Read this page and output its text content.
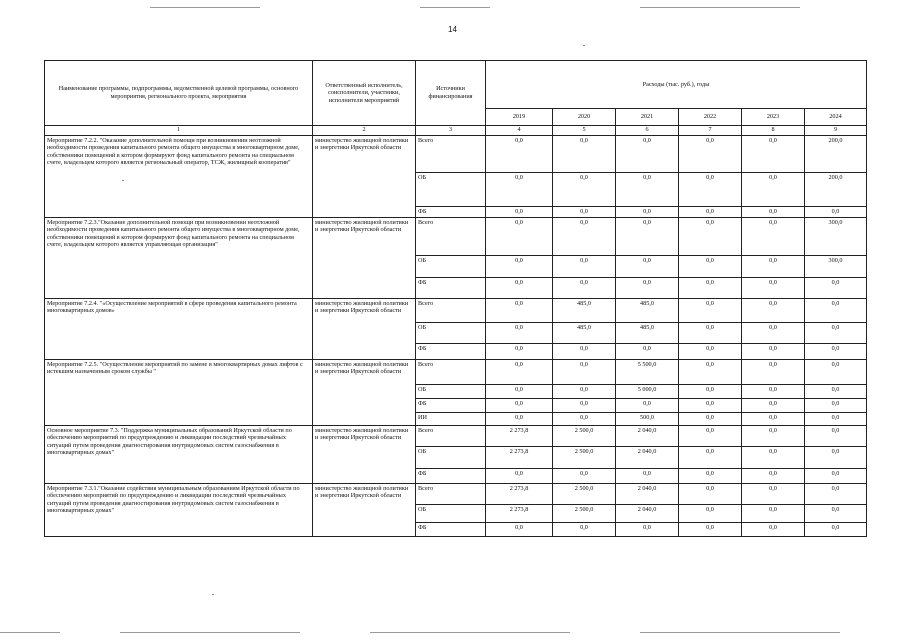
14
Наименование программы, подпрограммы, ведомственной целевой программы, основного мероприятия, регионального проекта, мероприятия	Ответственный исполнитель, соисполнители, участники, исполнители мероприятий	Источники финансирования	Расходы (тыс. руб.), годы					
			2019	2020	2021	2022	2023	2024
1	2	3	4	5	6	7	8	9
Мероприятие 7.2.2. "Оказание дополнительной помощи при возникновении неотложной необходимости проведения капитального ремонта общего имущества в многоквартирном доме, собственники помещений в котором формируют фонд капитального ремонта на специальном счете, владельцем которого является региональный оператор, ТСЖ, жилищный кооператив"	министерство жилищной политики и энергетики Иркутской области	Всего	0,0	0,0	0,0	0,0	0,0	200,0
		ОБ	0,0	0,0	0,0	0,0	0,0	200,0
		ФБ	0,0	0,0	0,0	0,0	0,0	0,0
Мероприятие 7.2.3."Оказание дополнительной помощи при возникновении неотложной необходимости проведения капитального ремонта общего имущества в многоквартирном доме, собственники помещений в котором формируют фонд капитального ремонта на специальном счете, владельцем которого является управляющая организация"	министерство жилищной политики и энергетики Иркутской области	Всего	0,0	0,0	0,0	0,0	0,0	300,0
		ОБ	0,0	0,0	0,0	0,0	0,0	300,0
		ФБ	0,0	0,0	0,0	0,0	0,0	0,0
Мероприятие 7.2.4. "«Осуществление мероприятий в сфере проведения капитального ремонта многоквартирных домов»	министерство жилищной политики и энергетики Иркутской области	Всего	0,0	485,0	485,0	0,0	0,0	0,0
		ОБ	0,0	485,0	485,0	0,0	0,0	0,0
		ФБ	0,0	0,0	0,0	0,0	0,0	0,0
Мероприятие 7.2.5. "Осуществление мероприятий по замене в многоквартирных домах лифтов с истекшим назначенным сроком службы "	министерство жилищной политики и энергетики Иркутской области	Всего	0,0	0,0	5 500,0	0,0	0,0	0,0
		ОБ	0,0	0,0	5 000,0	0,0	0,0	0,0
		ФБ	0,0	0,0	0,0	0,0	0,0	0,0
		ИИ	0,0	0,0	500,0	0,0	0,0	0,0
Основное мероприятие 7.3. "Поддержка муниципальных образований Иркутской области по обеспечению мероприятий по предупреждению и ликвидации последствий чрезвычайных ситуаций путем проведения диагностирования внутридомовых систем газоснабжения в многоквартирных домах"	министерство жилищной политики и энергетики Иркутской области	Всего	2 273,8	2 500,0	2 040,0	0,0	0,0	0,0
		ОБ	2 273,8	2 500,0	2 040,0	0,0	0,0	0,0
		ФБ	0,0	0,0	0,0	0,0	0,0	0,0
Мероприятие 7.3.1."Оказание содействия муниципальным образованиям Иркутской области по обеспечению мероприятий по предупреждению и ликвидации последствий чрезвычайных ситуаций путем проведения диагностирования внутридомовых систем газоснабжения в многоквартирных домах"	министерство жилищной политики и энергетики Иркутской области	Всего	2 273,8	2 500,0	2 040,0	0,0	0,0	0,0
		ОБ	2 273,8	2 500,0	2 040,0	0,0	0,0	0,0
		ФБ	0,0	0,0	0,0	0,0	0,0	0,0
